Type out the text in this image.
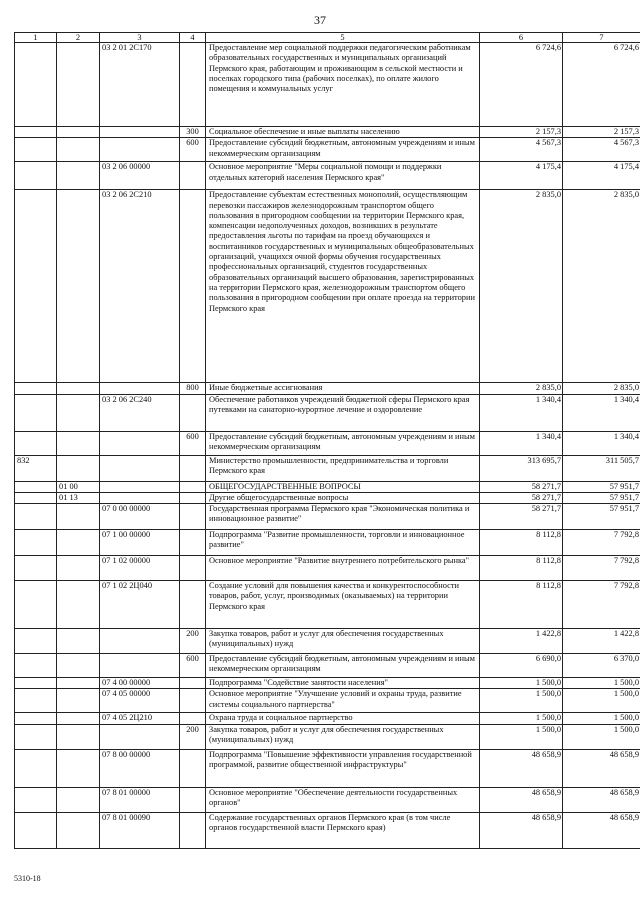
37
1	2	3	4	5	6	7
		03 2 01 2С170		Предоставление мер социальной поддержки педагогическим работникам образовательных государственных и муниципальных организаций Пермского края, работающим и проживающим в сельской местности и поселках городского типа (рабочих поселках), по оплате жилого помещения и коммунальных услуг	6 724,6	6 724,6
			300	Социальное обеспечение и иные выплаты населению	2 157,3	2 157,3
			600	Предоставление субсидий бюджетным, автономным учреждениям и иным некоммерческим организациям	4 567,3	4 567,3
		03 2 06 00000		Основное мероприятие "Меры социальной помощи и поддержки отдельных категорий населения Пермского края"	4 175,4	4 175,4
		03 2 06 2С210		Предоставление субъектам естественных монополий, осуществляющим перевозки пассажиров железнодорожным транспортом общего пользования в пригородном сообщении на территории Пермского края, компенсации недополученных доходов, возникших в результате предоставления льготы по тарифам на проезд обучающихся и воспитанников государственных и муниципальных общеобразовательных организаций, учащихся очной формы обучения государственных профессиональных организаций, студентов государственных образовательных организаций высшего образования, зарегистрированных на территории Пермского края, железнодорожным транспортом общего пользования в пригородном сообщении при оплате проезда на территории Пермского края	2 835,0	2 835,0
			800	Иные бюджетные ассигнования	2 835,0	2 835,0
		03 2 06 2С240		Обеспечение работников учреждений бюджетной сферы Пермского края путевками на санаторно-курортное лечение и оздоровление	1 340,4	1 340,4
			600	Предоставление субсидий бюджетным, автономным учреждениям и иным некоммерческим организациям	1 340,4	1 340,4
832				Министерство промышленности, предпринимательства и торговли Пермского края	313 695,7	311 505,7
	01 00			ОБЩЕГОСУДАРСТВЕННЫЕ ВОПРОСЫ	58 271,7	57 951,7
	01 13			Другие общегосударственные вопросы	58 271,7	57 951,7
		07 0 00 00000		Государственная программа Пермского края "Экономическая политика и инновационное развитие"	58 271,7	57 951,7
		07 1 00 00000		Подпрограмма "Развитие промышленности, торговли и инновационное развитие"	8 112,8	7 792,8
		07 1 02 00000		Основное мероприятие "Развитие внутреннего потребительского рынка"	8 112,8	7 792,8
		07 1 02 2Ц040		Создание условий для повышения качества и конкурентоспособности товаров, работ, услуг, производимых (оказываемых) на территории Пермского края	8 112,8	7 792,8
			200	Закупка товаров, работ и услуг для обеспечения государственных (муниципальных) нужд	1 422,8	1 422,8
			600	Предоставление субсидий бюджетным, автономным учреждениям и иным некоммерческим организациям	6 690,0	6 370,0
		07 4 00 00000		Подпрограмма "Содействие занятости населения"	1 500,0	1 500,0
		07 4 05 00000		Основное мероприятие "Улучшение условий и охраны труда, развитие системы социального партнерства"	1 500,0	1 500,0
		07 4 05 2Ц210		Охрана труда и социальное партнерство	1 500,0	1 500,0
			200	Закупка товаров, работ и услуг для обеспечения государственных (муниципальных) нужд	1 500,0	1 500,0
		07 8 00 00000		Подпрограмма "Повышение эффективности управления государственной программой, развитие общественной инфраструктуры"	48 658,9	48 658,9
		07 8 01 00000		Основное мероприятие "Обеспечение деятельности государственных органов"	48 658,9	48 658,9
		07 8 01 00090		Содержание государственных органов Пермского края (в том числе органов государственной власти Пермского края)	48 658,9	48 658,9
5310-18
